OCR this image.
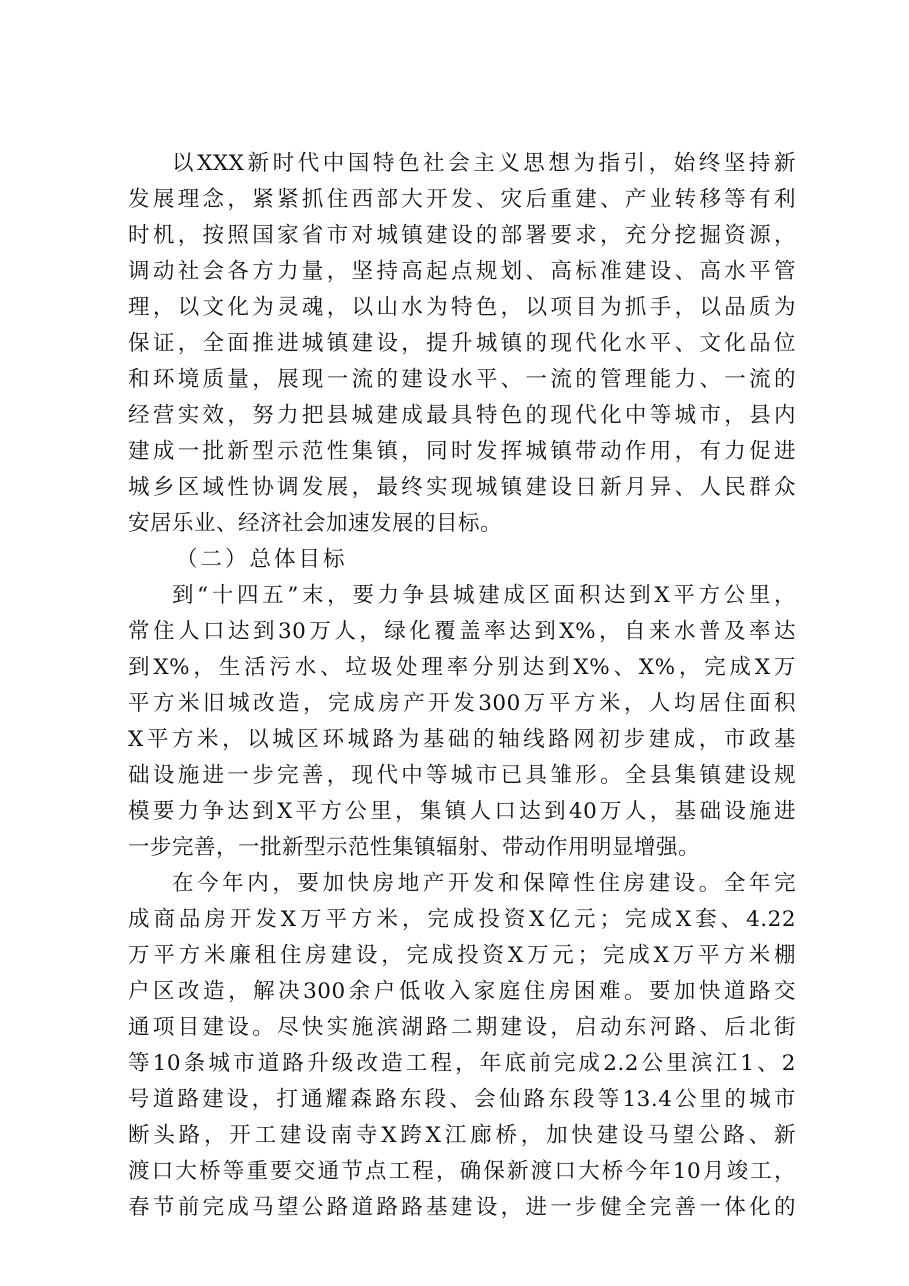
以XXX新时代中国特色社会主义思想为指引，始终坚持新
发展理念，紧紧抓住西部大开发、灾后重建、产业转移等有利
时机，按照国家省市对城镇建设的部署要求，充分挖掘资源，
调动社会各方力量，坚持高起点规划、高标准建设、高水平管
理，以文化为灵魂，以山水为特色，以项目为抓手，以品质为
保证，全面推进城镇建设，提升城镇的现代化水平、文化品位
和环境质量，展现一流的建设水平、一流的管理能力、一流的
经营实效，努力把县城建成最具特色的现代化中等城市，县内
建成一批新型示范性集镇，同时发挥城镇带动作用，有力促进
城乡区域性协调发展，最终实现城镇建设日新月异、人民群众
安居乐业、经济社会加速发展的目标。
（二）总体目标
到“十四五”末，要力争县城建成区面积达到X平方公里，
常住人口达到30万人，绿化覆盖率达到X%，自来水普及率达
到X%，生活污水、垃圾处理率分别达到X%、X%，完成X万
平方米旧城改造，完成房产开发300万平方米，人均居住面积
X平方米，以城区环城路为基础的轴线路网初步建成，市政基
础设施进一步完善，现代中等城市已具雏形。全县集镇建设规
模要力争达到X平方公里，集镇人口达到40万人，基础设施进
一步完善，一批新型示范性集镇辐射、带动作用明显增强。
在今年内，要加快房地产开发和保障性住房建设。全年完
成商品房开发X万平方米，完成投资X亿元；完成X套、4.22
万平方米廉租住房建设，完成投资X万元；完成X万平方米棚
户区改造，解决300余户低收入家庭住房困难。要加快道路交
通项目建设。尽快实施滨湖路二期建设，启动东河路、后北街
等10条城市道路升级改造工程，年底前完成2.2公里滨江1、2
号道路建设，打通耀森路东段、会仙路东段等13.4公里的城市
断头路，开工建设南寺X跨X江廊桥，加快建设马望公路、新
渡口大桥等重要交通节点工程，确保新渡口大桥今年10月竣工，
春节前完成马望公路道路路基建设，进一步健全完善一体化的
